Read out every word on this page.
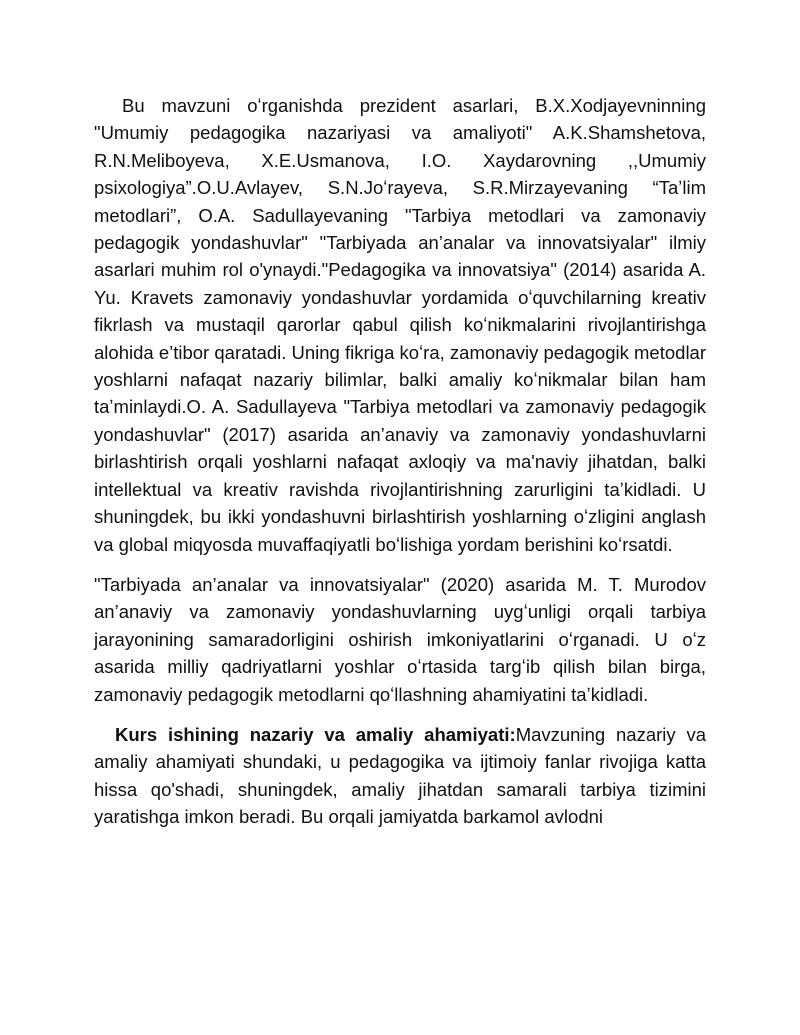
Bu mavzuni oʻrganishda prezident asarlari, B.X.Xodjayevninning "Umumiy pedagogika nazariyasi va amaliyoti" A.K.Shamshetova, R.N.Meliboyeva, X.E.Usmanova, I.O. Xaydarovning ,,Umumiy psixologiya”.O.U.Avlayev, S.N.Joʻrayeva, S.R.Mirzayevaning “Taʼlim metodlari”, O.A. Sadullayevaning "Tarbiya metodlari va zamonaviy pedagogik yondashuvlar" "Tarbiyada an’analar va innovatsiyalar" ilmiy asarlari muhim rol o'ynaydi."Pedagogika va innovatsiya" (2014) asarida A. Yu. Kravets zamonaviy yondashuvlar yordamida oʻquvchilarning kreativ fikrlash va mustaqil qarorlar qabul qilish koʻnikmalarini rivojlantirishga alohida e’tibor qaratadi. Uning fikriga koʻra, zamonaviy pedagogik metodlar yoshlarni nafaqat nazariy bilimlar, balki amaliy koʻnikmalar bilan ham taʼminlaydi.O. A. Sadullayeva "Tarbiya metodlari va zamonaviy pedagogik yondashuvlar" (2017) asarida an’anaviy va zamonaviy yondashuvlarni birlashtirish orqali yoshlarni nafaqat axloqiy va ma'naviy jihatdan, balki intellektual va kreativ ravishda rivojlantirishning zarurligini taʼkidladi. U shuningdek, bu ikki yondashuvni birlashtirish yoshlarning oʻzligini anglash va global miqyosda muvaffaqiyatli boʻlishiga yordam berishini koʻrsatdi.

"Tarbiyada an’analar va innovatsiyalar" (2020) asarida M. T. Murodov an’anaviy va zamonaviy yondashuvlarning uygʻunligi orqali tarbiya jarayonining samaradorligini oshirish imkoniyatlarini oʻrganadi. U oʻz asarida milliy qadriyatlarni yoshlar oʻrtasida targʻib qilish bilan birga, zamonaviy pedagogik metodlarni qoʻllashning ahamiyatini taʼkidladi.

Kurs ishining nazariy va amaliy ahamiyati:Mavzuning nazariy va amaliy ahamiyati shundaki, u pedagogika va ijtimoiy fanlar rivojiga katta hissa qo'shadi, shuningdek, amaliy jihatdan samarali tarbiya tizimini yaratishga imkon beradi. Bu orqali jamiyatda barkamol avlodni
